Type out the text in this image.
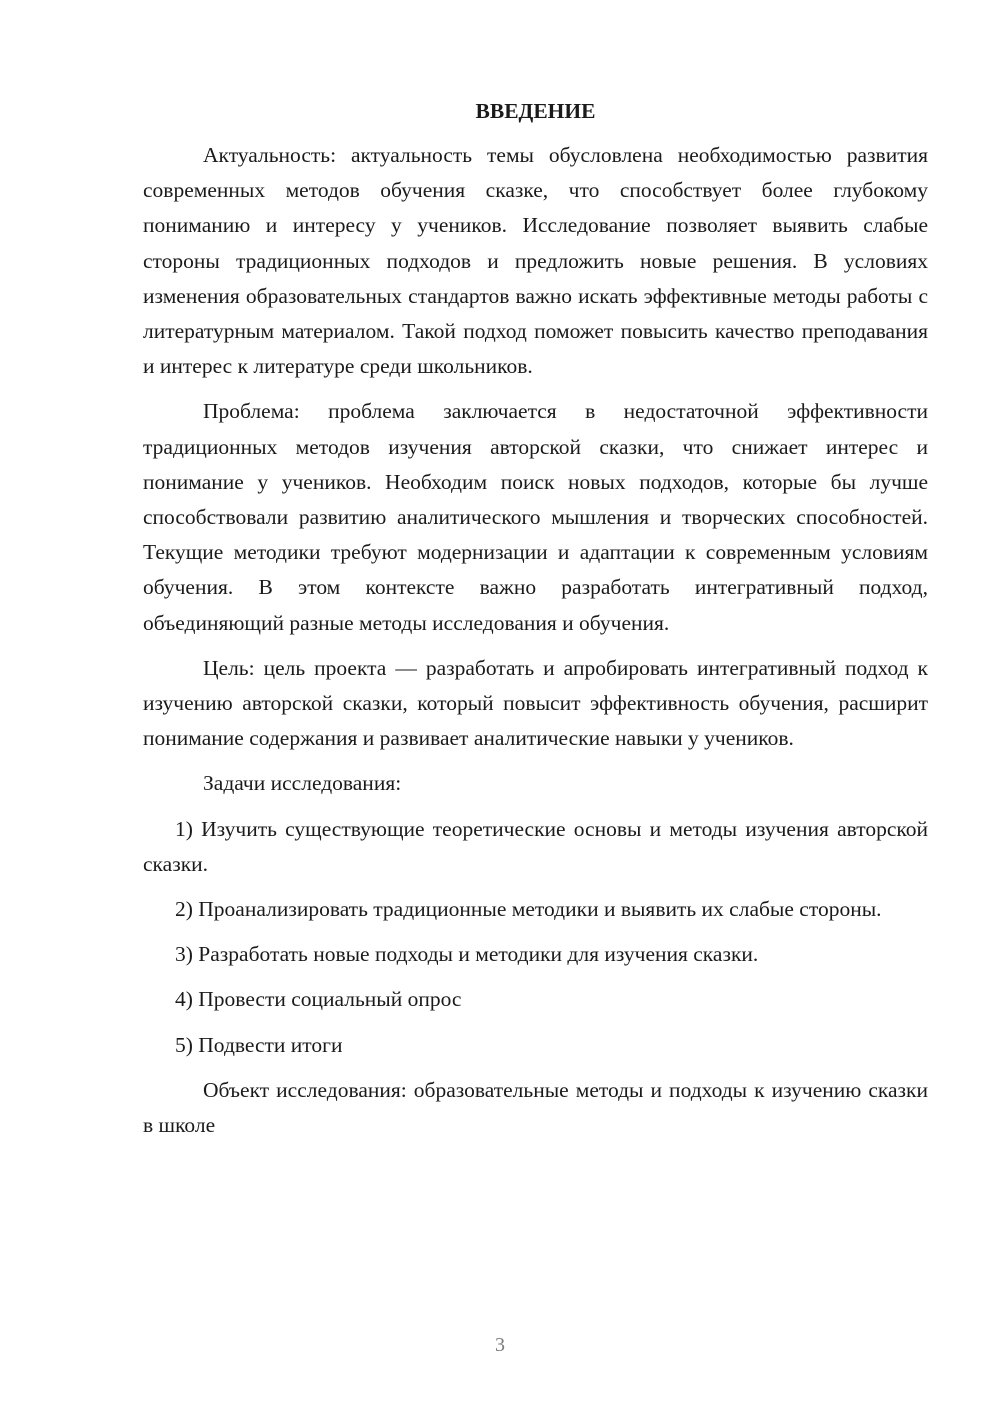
ВВЕДЕНИЕ

Актуальность: актуальность темы обусловлена необходимостью развития современных методов обучения сказке, что способствует более глубокому пониманию и интересу у учеников. Исследование позволяет выявить слабые стороны традиционных подходов и предложить новые решения. В условиях изменения образовательных стандартов важно искать эффективные методы работы с литературным материалом. Такой подход поможет повысить качество преподавания и интерес к литературе среди школьников.

Проблема: проблема заключается в недостаточной эффективности традиционных методов изучения авторской сказки, что снижает интерес и понимание у учеников. Необходим поиск новых подходов, которые бы лучше способствовали развитию аналитического мышления и творческих способностей. Текущие методики требуют модернизации и адаптации к современным условиям обучения. В этом контексте важно разработать интегративный подход, объединяющий разные методы исследования и обучения.

Цель: цель проекта — разработать и апробировать интегративный подход к изучению авторской сказки, который повысит эффективность обучения, расширит понимание содержания и развивает аналитические навыки у учеников.

Задачи исследования:

1) Изучить существующие теоретические основы и методы изучения авторской сказки.

2) Проанализировать традиционные методики и выявить их слабые стороны.

3) Разработать новые подходы и методики для изучения сказки.

4) Провести социальный опрос

5) Подвести итоги

Объект исследования: образовательные методы и подходы к изучению сказки в школе

3
